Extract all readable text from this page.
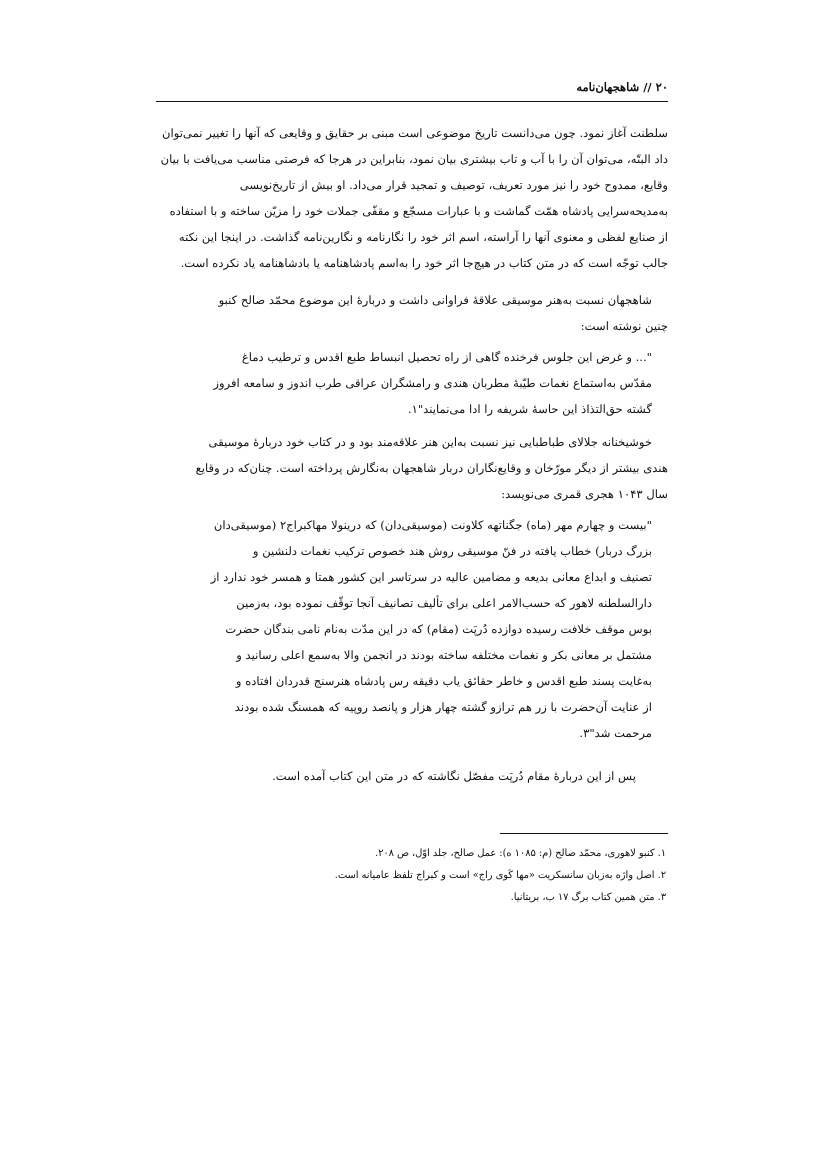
۲۰ // شاهجهان‌نامه
سلطنت آغاز نمود. چون می‌دانست تاریخ موضوعی است مبنی بر حقایق و وقایعی که آنها را تغییر نمی‌توان
داد البتّه، می‌توان آن را با آب و تاب بیشتری بیان نمود، بنابراین در هرجا که فرصتی مناسب می‌یافت با بیان
وقایع، ممدوح خود را نیز مورد تعریف، توصیف و تمجید قرار می‌داد. او بیش از تاریخ‌نویسی
به‌مدیحه‌سرایی پادشاه همّت گماشت و با عبارات مسجّع و مقفّی جملات خود را مزیّن ساخته و با استفاده
از صنایع لفظی و معنوی آنها را آراسته، اسم اثر خود را نگارنامه و نگارین‌نامه گذاشت. در اینجا این نکته
جالب توجّه است که در متن کتاب در هیچ‌جا اثر خود را به‌اسم پادشاهنامه یا بادشاهنامه یاد نکرده است.
شاهجهان نسبت به‌هنر موسیقی علاقهٔ فراوانی داشت و دربارهٔ این موضوع محمّد صالح کنبو
چنین نوشته است:
"... و غرض این جلوس فرخنده گاهی از راه تحصیل انبساط طبع اقدس و ترطیب دماغ
مقدّس به‌استماع نغمات طیّبهٔ مطربان هندی و رامشگران عراقی طرب اندوز و سامعه افروز
گشته حق‌التذاذ این حاسهٔ شریفه را ادا می‌نمایند"۱.
خوشیخنانه جلالای طباطبایی نیز نسبت به‌این هنر علاقه‌مند بود و در کتاب خود دربارهٔ موسیقی
هندی بیشتر از دیگر مورّخان و وقایع‌نگاران دربار شاهجهان به‌نگارش پرداخته است. چنان‌که در وقایع
سال ۱۰۴۳ هجری قمری می‌نویسد:
"بیست و چهارم مهر (ماه) جگناتهه کلاونت (موسیقی‌دان) که درینولا مهاکبراج۲ (موسیقی‌دان
بزرگ دربار) خطاب یافته در فنّ موسیقی روش هند خصوص ترکیب نغمات دلنشین و
تصنیف و ابداع معانی بدیعه و مضامین عالیه در سرتاسر این کشور همتا و همسر خود ندارد از
دارالسلطنه لاهور که حسب‌الامر اعلی برای تألیف تصانیف آنجا توقّف نموده بود، به‌زمین
بوس موقف خلافت رسیده دوازده دُرپَت (مقام) که در این مدّت به‌نام نامی بندگان حضرت
مشتمل بر معانی بکر و نغمات مختلفه ساخته بودند در انجمن والا به‌سمع اعلی رسانید و
به‌غایت پسند طبع اقدس و خاطر حقائق یاب دقیقه رس پادشاه هنرسنج قدردان افتاده و
از عنایت آن‌حضرت با زر هم ترازو گشته چهار هزار و پانصد روپیه که همسنگ شده بودند
مرحمت شد"۳.
پس از این دربارهٔ مقام دُرپَت مفصّل نگاشته که در متن این کتاب آمده است.
۱. کنبو لاهوری، محمّد صالح (م: ۱۰۸۵ ه): عمل صالح، جلد اوّل، ص ۲۰۸.
۲. اصل واژه به‌زبان سانسکریت «مها کَوی راج» است و کبراج تلفظ عامیانه است.
۳. متن همین کتاب برگ ۱۷ ب، بریتانیا.
